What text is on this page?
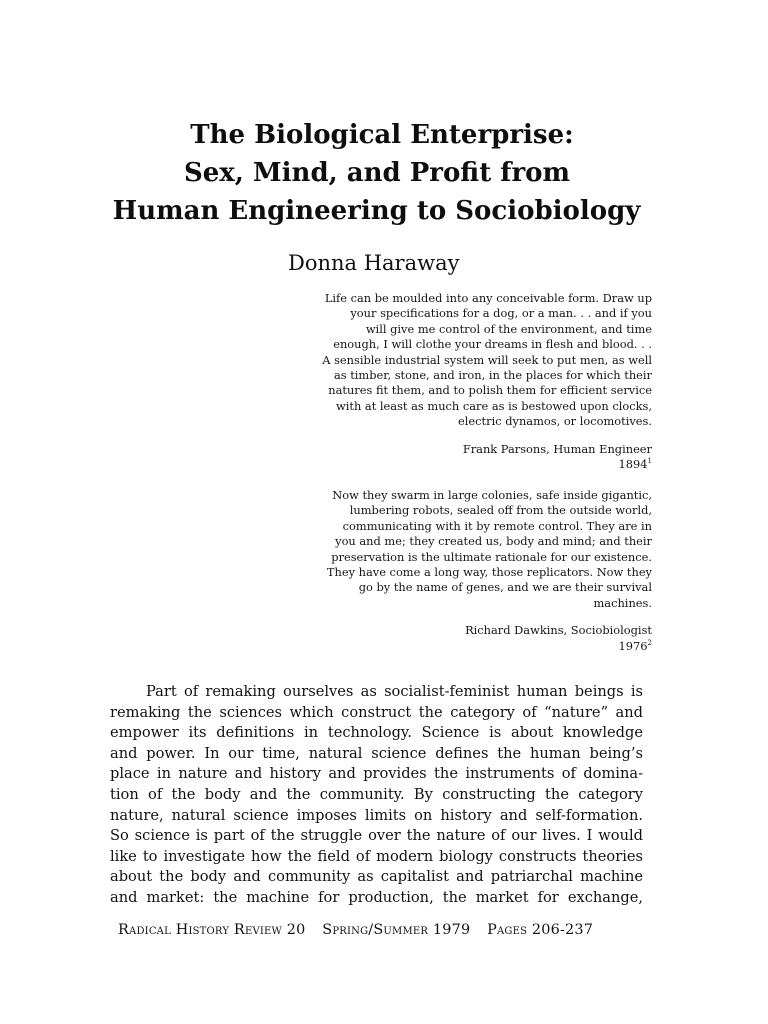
The Biological Enterprise:
Sex, Mind, and Profit from
Human Engineering to Sociobiology
Donna Haraway
Life can be moulded into any conceivable form. Draw up
your specifications for a dog, or a man. . . and if you
will give me control of the environment, and time
enough, I will clothe your dreams in flesh and blood. . .
A sensible industrial system will seek to put men, as well
as timber, stone, and iron, in the places for which their
natures fit them, and to polish them for efficient service
with at least as much care as is bestowed upon clocks,
electric dynamos, or locomotives.
Frank Parsons, Human Engineer
1894$^1$
Now they swarm in large colonies, safe inside gigantic,
lumbering robots, sealed off from the outside world,
communicating with it by remote control. They are in
you and me; they created us, body and mind; and their
preservation is the ultimate rationale for our existence.
They have come a long way, those replicators. Now they
go by the name of genes, and we are their survival
machines.
Richard Dawkins, Sociobiologist
1976$^2$
Part of remaking ourselves as socialist-feminist human beings is
remaking the sciences which construct the category of “nature” and
empower its definitions in technology. Science is about knowledge
and power. In our time, natural science defines the human being’s
place in nature and history and provides the instruments of domina-
tion of the body and the community. By constructing the category
nature, natural science imposes limits on history and self-formation.
So science is part of the struggle over the nature of our lives. I would
like to investigate how the field of modern biology constructs theories
about the body and community as capitalist and patriarchal machine
and market: the machine for production, the market for exchange,
Radical History Review 20 Spring/Summer 1979 Pages 206-237
